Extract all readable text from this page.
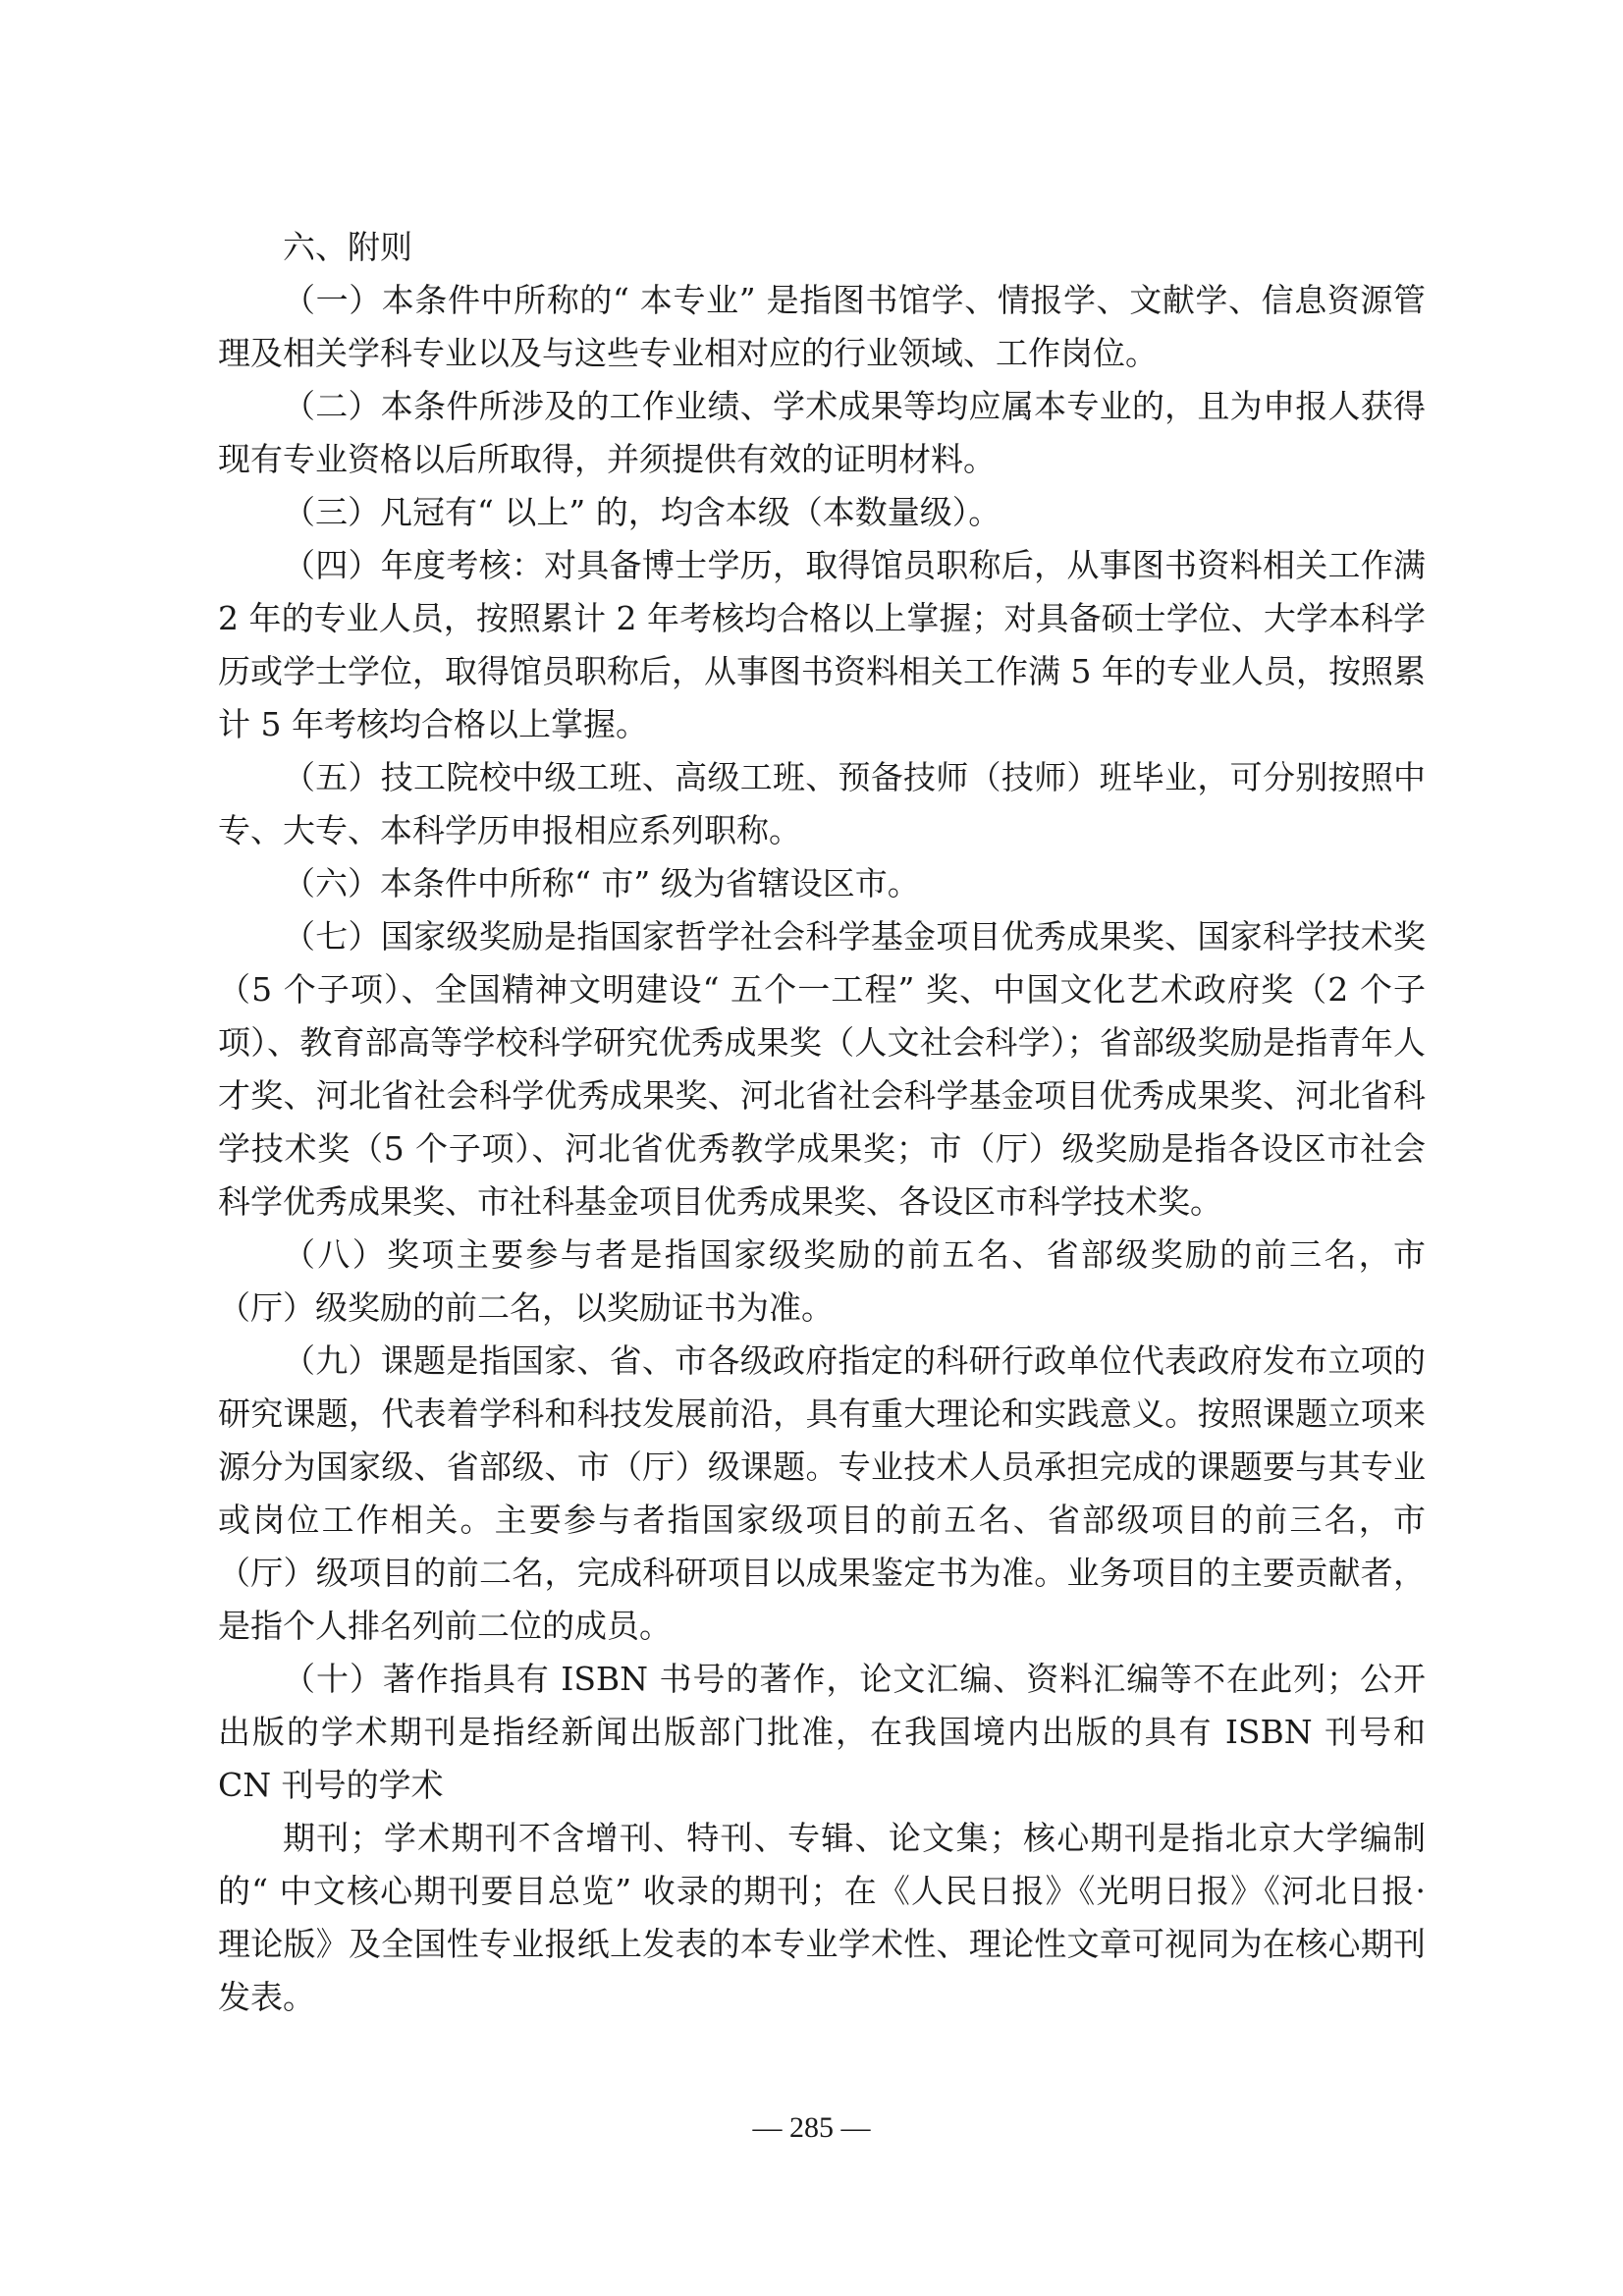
六、附则

（一）本条件中所称的“ 本专业” 是指图书馆学、情报学、文献学、信息资源管理及相关学科专业以及与这些专业相对应的行业领域、工作岗位。

（二）本条件所涉及的工作业绩、学术成果等均应属本专业的，且为申报人获得现有专业资格以后所取得，并须提供有效的证明材料。

（三）凡冠有“ 以上” 的，均含本级（本数量级）。

（四）年度考核：对具备博士学历，取得馆员职称后，从事图书资料相关工作满 2 年的专业人员，按照累计 2 年考核均合格以上掌握；对具备硕士学位、大学本科学历或学士学位，取得馆员职称后，从事图书资料相关工作满 5 年的专业人员，按照累计 5 年考核均合格以上掌握。

（五）技工院校中级工班、高级工班、预备技师（技师）班毕业，可分别按照中专、大专、本科学历申报相应系列职称。

（六）本条件中所称“ 市” 级为省辖设区市。

（七）国家级奖励是指国家哲学社会科学基金项目优秀成果奖、国家科学技术奖（5 个子项）、全国精神文明建设“ 五个一工程” 奖、中国文化艺术政府奖（2 个子项）、教育部高等学校科学研究优秀成果奖（人文社会科学）；省部级奖励是指青年人才奖、河北省社会科学优秀成果奖、河北省社会科学基金项目优秀成果奖、河北省科学技术奖（5 个子项）、河北省优秀教学成果奖；市（厅）级奖励是指各设区市社会科学优秀成果奖、市社科基金项目优秀成果奖、各设区市科学技术奖。

（八）奖项主要参与者是指国家级奖励的前五名、省部级奖励的前三名，市（厅）级奖励的前二名，以奖励证书为准。

（九）课题是指国家、省、市各级政府指定的科研行政单位代表政府发布立项的研究课题，代表着学科和科技发展前沿，具有重大理论和实践意义。按照课题立项来源分为国家级、省部级、市（厅）级课题。专业技术人员承担完成的课题要与其专业或岗位工作相关。主要参与者指国家级项目的前五名、省部级项目的前三名，市（厅）级项目的前二名，完成科研项目以成果鉴定书为准。业务项目的主要贡献者，是指个人排名列前二位的成员。

（十）著作指具有 ISBN 书号的著作，论文汇编、资料汇编等不在此列；公开出版的学术期刊是指经新闻出版部门批准，在我国境内出版的具有 ISBN 刊号和 CN 刊号的学术

期刊；学术期刊不含增刊、特刊、专辑、论文集；核心期刊是指北京大学编制的“ 中文核心期刊要目总览” 收录的期刊；在《人民日报》《光明日报》《河北日报· 理论版》及全国性专业报纸上发表的本专业学术性、理论性文章可视同为在核心期刊发表。

— 285 —
